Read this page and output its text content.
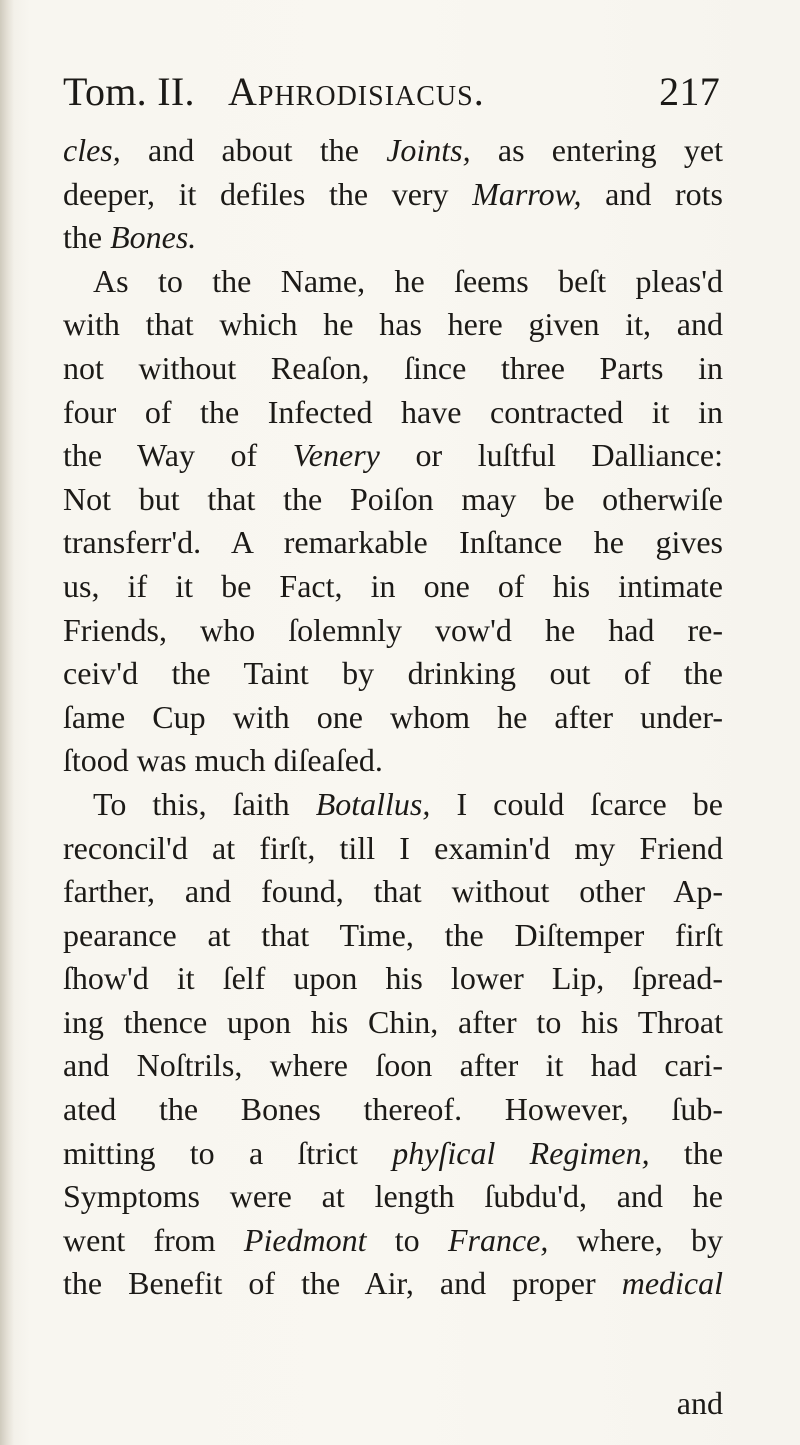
Tom. II. Aphrodisiacus.	217
cles, and about the Joints, as entering yet
deeper, it defiles the very Marrow, and rots
the Bones.
As to the Name, he ſeems beſt pleas'd
with that which he has here given it, and
not without Reaſon, ſince three Parts in
four of the Infected have contracted it in
the Way of Venery or luſtful Dalliance:
Not but that the Poiſon may be otherwiſe
transferr'd. A remarkable Inſtance he gives
us, if it be Fact, in one of his intimate
Friends, who ſolemnly vow'd he had re-
ceiv'd the Taint by drinking out of the
ſame Cup with one whom he after under-
ſtood was much diſeaſed.
To this, ſaith Botallus, I could ſcarce be
reconcil'd at firſt, till I examin'd my Friend
farther, and found, that without other Ap-
pearance at that Time, the Diſtemper firſt
ſhow'd it ſelf upon his lower Lip, ſpread-
ing thence upon his Chin, after to his Throat
and Noſtrils, where ſoon after it had cari-
ated the Bones thereof. However, ſub-
mitting to a ſtrict phyſical Regimen, the
Symptoms were at length ſubdu'd, and he
went from Piedmont to France, where, by
the Benefit of the Air, and proper medical
and
